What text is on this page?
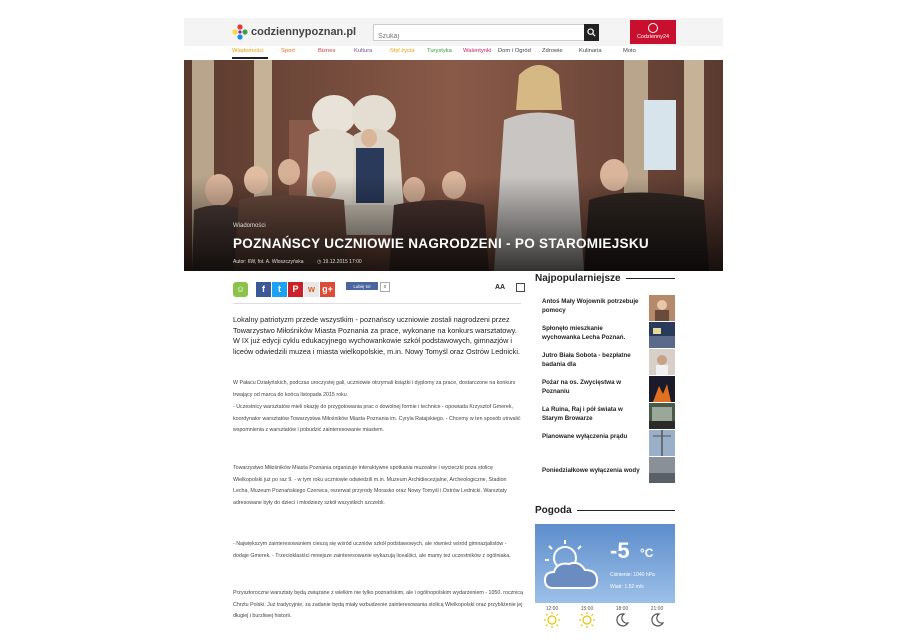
codziennypoznan.pl
Szukaj	Codzienny24
Wiadomości	Sport	Biznes	Kultura	Styl życia Turystyka Walentynki Dom i Ogród Zdrowie	Kulinaria	Moto
Wiadomości
POZNAŃSCY UCZNIOWIE NAGRODZENI - PO STAROMIEJSKU
Autor: 6W, fot. A. Włoszczyńska	◷ 19.12.2015 17:00
☺ f t P w g+	Lubię to!	0	AA

Lokalny patriotyzm przede wszystkim - poznańscy uczniowie zostali nagrodzeni przez Towarzystwo Miłośników Miasta Poznania za prace, wykonane na konkurs warsztatowy. W IX już edycji cyklu edukacyjnego wychowankowie szkół podstawowych, gimnazjów i liceów odwiedzili muzea i miasta wielkopolskie, m.in. Nowy Tomyśl oraz Ostrów Lednicki.

W Pałacu Działyńskich, podczas uroczystej gali, uczniowie otrzymali książki i dyplomy za prace, dostarczone na konkurs trwający od marca do końca listopada 2015 roku.

- Uczestnicy warsztatów mieli okazję do przygotowania prac o dowolnej formie i technice - opowiada Krzysztof Gmerek, koordynator warsztatów Towarzystwa Miłośników Miasta Poznania im. Cyryla Ratajskiego. - Chcemy w ten sposób utrwalić wspomnienia z warsztatów i pobudzić zainteresowanie miastem.

Towarzystwo Miłośników Miasta Poznania organizuje interaktywne spotkania muzealne i wycieczki poza stolicę Wielkopolski już po raz 9. - w tym roku uczniowie odwiedzili m.in. Muzeum Archidiecezjalne, Archeologiczne, Stadion Lecha, Muzeum Poznańskiego Czerwca, rezerwat przyrody Morasko oraz Nowy Tomyśl i Ostrów Lednicki. Warsztaty adresowane były do dzieci i młodzieży szkół wszystkich szczebli.

- Największym zainteresowaniem cieszą się wśród uczniów szkół podstawowych, ale również wśród gimnazjalistów - dodaje Gmerek. - Trzecioklasiści mniejsze zainteresowanie wykazują licealiści, ale mamy też uczestników z ogólniaka.

Przyszłoroczne warsztaty będą związane z wielkim nie tylko poznańskim, ale i ogólnopolskim wydarzeniem - 1050. rocznicą Chrztu Polski. Już tradycyjnie, za zadanie będą miały wzbudzenie zainteresowania stolicą Wielkopolski oraz przybliżenie jej długiej i burzliwej historii.

Najpopularniejsze
Antoś Mały Wojownik potrzebuje pomocy
Spłonęło mieszkanie wychowanka Lecha Poznań.
Jutro Biała Sobota - bezpłatne badania dla
Pożar na os. Zwycięstwa w Poznaniu
La Ruina, Raj i pół świata w Starym Browarze
Planowane wyłączenia prądu
Poniedziałkowe wyłączenia wody
Pogoda
-5 °C
Ciśnienie: 1040 hPa
Wiatr: 1.52 m/s
12:00	15:00	18:00	21:00
